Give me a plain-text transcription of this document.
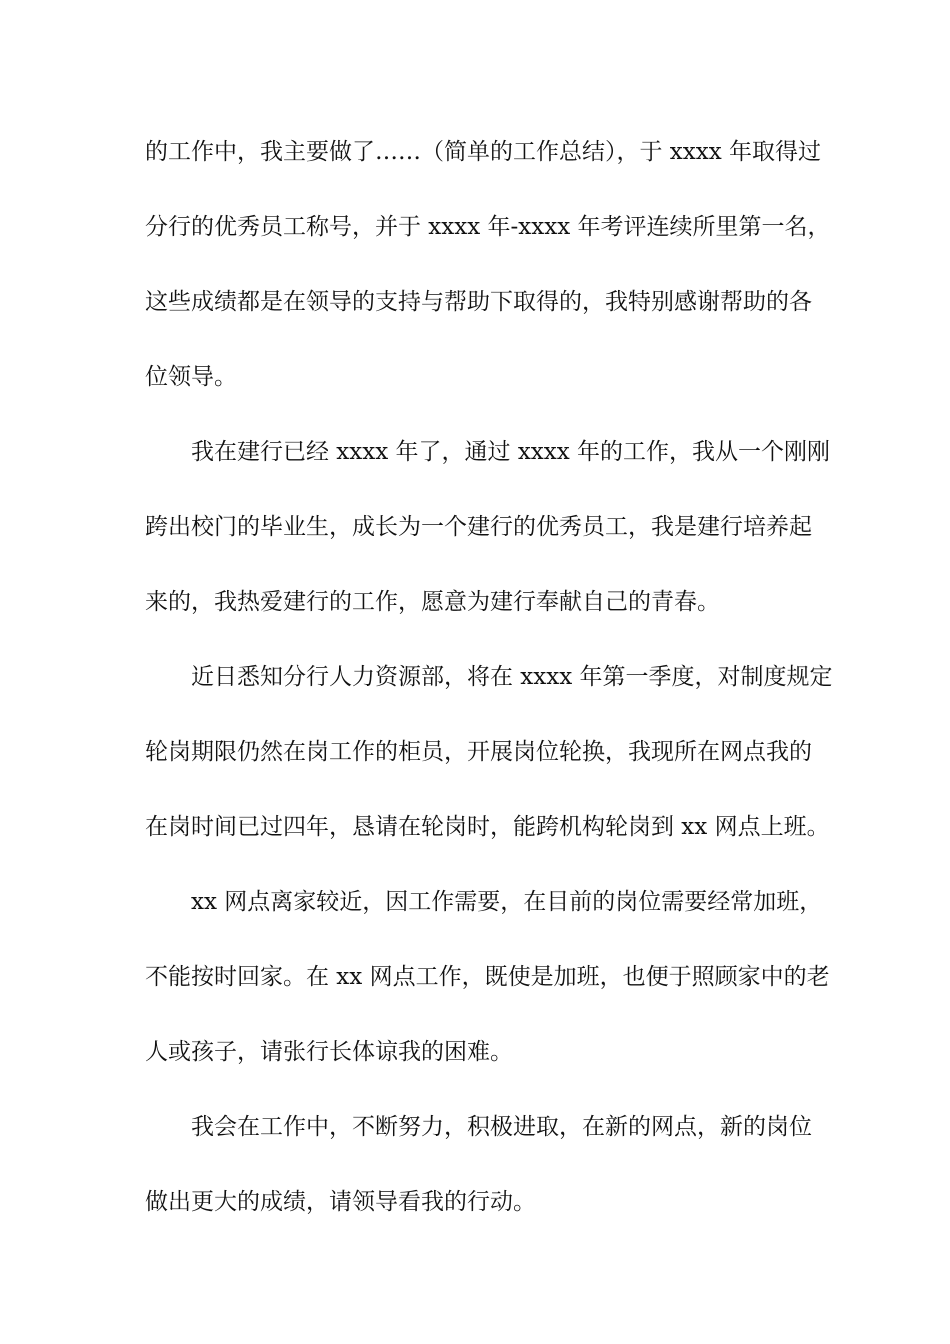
的工作中，我主要做了……（简单的工作总结），于 xxxx 年取得过
分行的优秀员工称号，并于 xxxx 年-xxxx 年考评连续所里第一名，
这些成绩都是在领导的支持与帮助下取得的，我特别感谢帮助的各
位领导。
我在建行已经 xxxx 年了，通过 xxxx 年的工作，我从一个刚刚
跨出校门的毕业生，成长为一个建行的优秀员工，我是建行培养起
来的，我热爱建行的工作，愿意为建行奉献自己的青春。
近日悉知分行人力资源部，将在 xxxx 年第一季度，对制度规定
轮岗期限仍然在岗工作的柜员，开展岗位轮换，我现所在网点我的
在岗时间已过四年，恳请在轮岗时，能跨机构轮岗到 xx 网点上班。
xx 网点离家较近，因工作需要，在目前的岗位需要经常加班，
不能按时回家。在 xx 网点工作，既使是加班，也便于照顾家中的老
人或孩子，请张行长体谅我的困难。
我会在工作中，不断努力，积极进取，在新的网点，新的岗位
做出更大的成绩，请领导看我的行动。
